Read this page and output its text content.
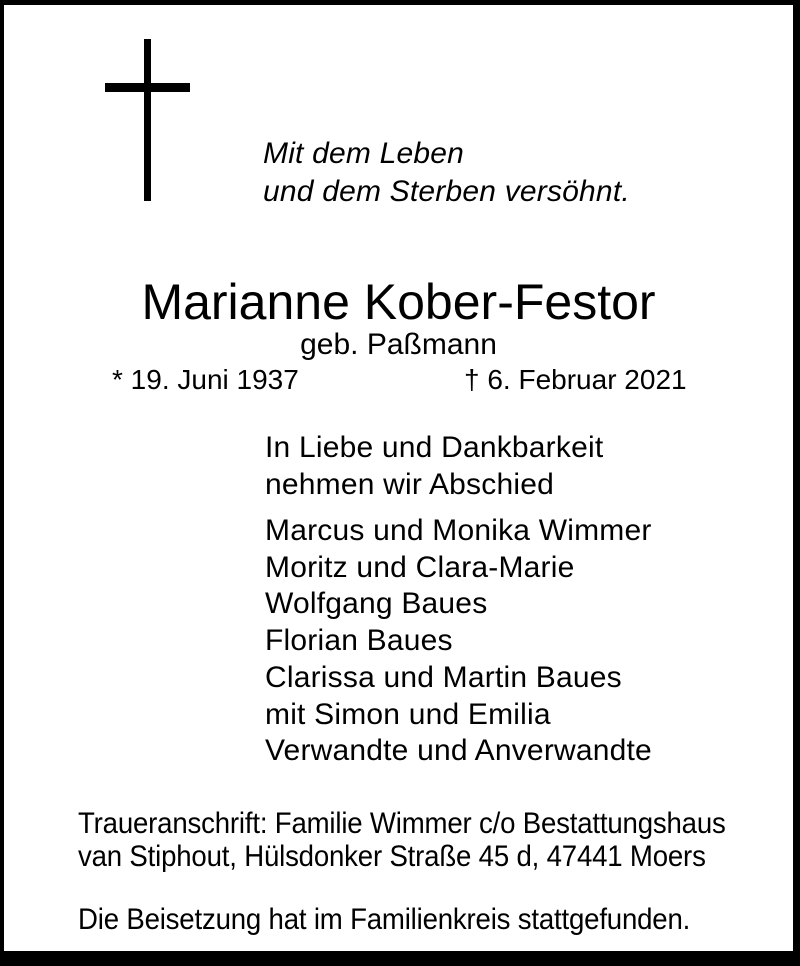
Mit dem Leben
und dem Sterben versöhnt.
Marianne Kober-Festor
geb. Paßmann
* 19. Juni 1937	† 6. Februar 2021
In Liebe und Dankbarkeit
nehmen wir Abschied
Marcus und Monika Wimmer
Moritz und Clara-Marie
Wolfgang Baues
Florian Baues
Clarissa und Martin Baues
mit Simon und Emilia
Verwandte und Anverwandte
Traueranschrift: Familie Wimmer c/o Bestattungshaus
van Stiphout, Hülsdonker Straße 45 d, 47441 Moers
Die Beisetzung hat im Familienkreis stattgefunden.
